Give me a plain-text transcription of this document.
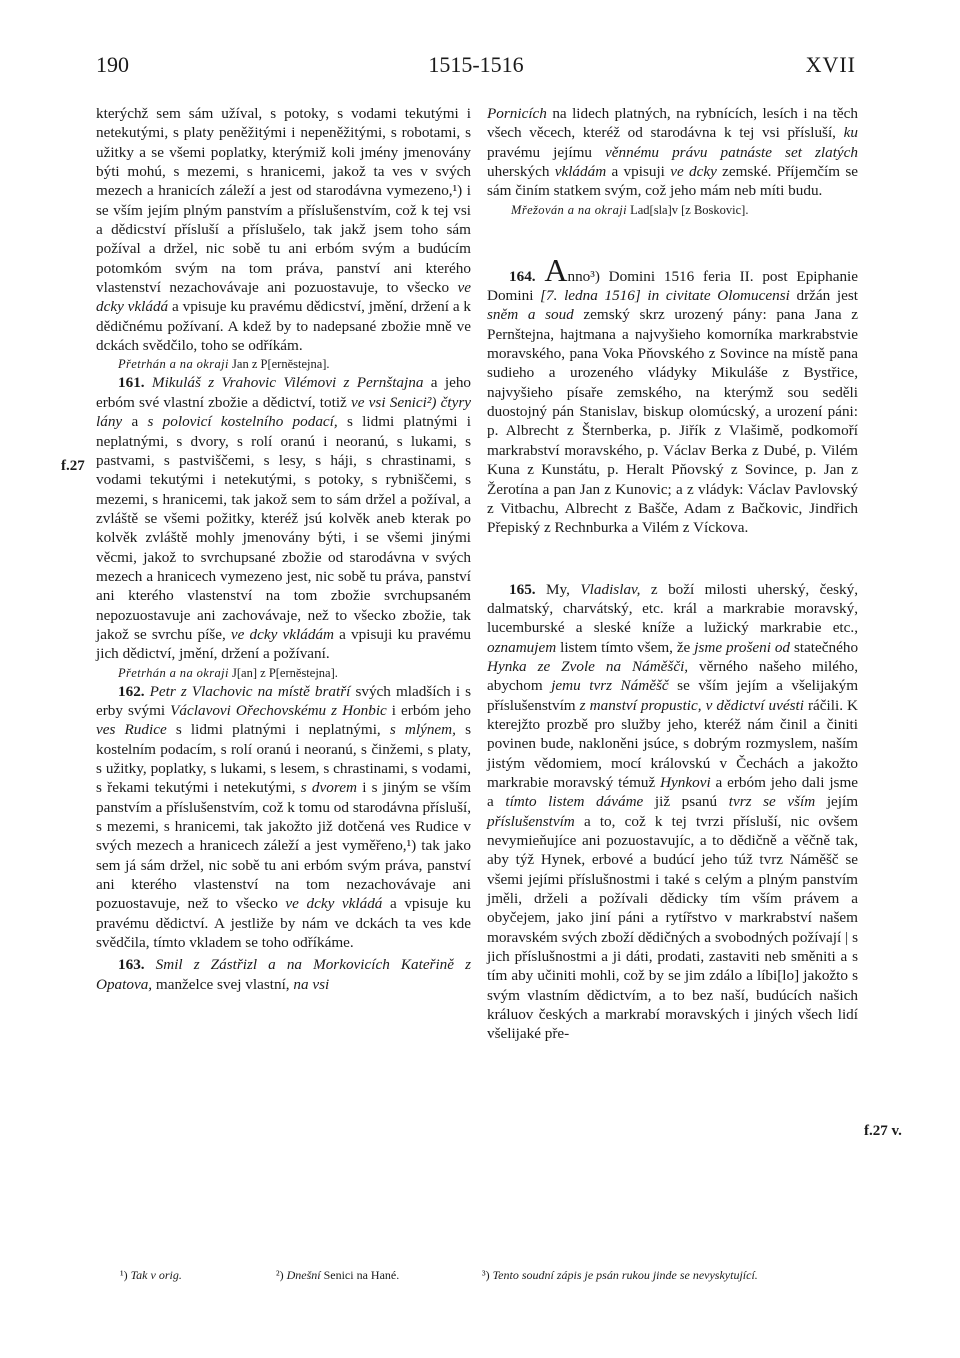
190	1515-1516	XVII
f.27
f.27 v.

kterýchž sem sám užíval, s potoky, s vodami tekutými i netekutými, s platy peněžitými i nepeněžitými, s robotami, s užitky a se všemi poplatky, kterýmiž koli jmény jmenovány býti mohú, s mezemi, s hranicemi, jakož ta ves v svých mezech a hranicích záleží a jest od starodávna vymezeno,¹) i se vším jejím plným panstvím a příslušenstvím, což k tej vsi a dědicství přísluší a příslušelo, tak jakž jsem toho sám požíval a držel, nic sobě tu ani erbóm svým a budúcím potomkóm svým na tom práva, panství ani kterého vlastenství nezachovávaje ani pozuostavuje, to všecko ve dcky vkládá a vpisuje ku pravému dědicství, jmění, držení a k dědičnému požívaní. A kdež by to nadepsané zbožie mně ve dckách svědčilo, toho se odříkám.

Přetrhán a na okraji Jan z P[erněstejna].

161. Mikuláš z Vrahovic Vilémovi z Pernštajna a jeho erbóm své vlastní zbožie a dědictví, totiž ve vsi Senici²) čtyry lány a s polovicí kostelního podací, s lidmi platnými i neplatnými, s dvory, s rolí oranú i neoranú, s lukami, s pastvami, s pastviščemi, s lesy, s háji, s chrastinami, s vodami tekutými i netekutými, s potoky, s rybniščemi, s mezemi, s hranicemi, tak jakož sem to sám držel a požíval, a zvláště se všemi požitky, kteréž jsú kolvěk aneb kterak po kolvěk zvláště mohly jmenovány býti, i se všemi jinými věcmi, jakož to svrchupsané zbožie od starodávna v svých mezech a hranicech vymezeno jest, nic sobě tu práva, panství ani kterého vlastenství na tom zbožie svrchupsaném nepozuostavuje ani zachovávaje, než to všecko zbožie, tak jakož se svrchu píše, ve dcky vkládám a vpisuji ku pravému jich dědictví, jmění, držení a požívaní.

Přetrhán a na okraji J[an] z P[erněstejna].

162. Petr z Vlachovic na místě bratří svých mladších i s erby svými Václavovi Ořechovskému z Honbic i erbóm jeho ves Rudice s lidmi platnými i neplatnými, s mlýnem, s kostelním podacím, s rolí oranú i neoranú, s činžemi, s platy, s užitky, poplatky, s lukami, s lesem, s chrastinami, s vodami, s řekami tekutými i netekutými, s dvorem i s jiným se vším panstvím a příslušenstvím, což k tomu od starodávna přísluší, s mezemi, s hranicemi, tak jakožto již dotčená ves Rudice v svých mezech a hranicech záleží a jest vyměřeno,¹) tak jako sem já sám držel, nic sobě tu ani erbóm svým práva, panství ani kterého vlastenství na tom nezachovávaje ani pozuostavuje, než to všecko ve dcky vkládá a vpisuje ku pravému dědictví. A jestliže by nám ve dckách ta ves kde svědčila, tímto vkladem se toho odříkáme.

163. Smil z Zástřizl a na Morkovicích Kateřině z Opatova, manželce svej vlastní, na vsi

Pornicích na lidech platných, na rybnících, lesích i na těch všech věcech, kteréž od starodávna k tej vsi přísluší, ku pravému jejímu věnnému právu patnáste set zlatých uherských vkládám a vpisuji ve dcky zemské. Příjemčím se sám činím statkem svým, což jeho mám neb míti budu.

Mřežován a na okraji Lad[sla]v [z Boskovic].

164. Anno³) Domini 1516 feria II. post Epiphanie Domini [7. ledna 1516] in civitate Olomucensi držán jest sněm a soud zemský skrz urozený pány: pana Jana z Pernštejna, hajtmana a najvyšieho komorníka markrabstvie moravského, pana Voka Pňovského z Sovince na místě pana sudieho a urozeného vládyky Mikuláše z Bystřice, najvyšieho písaře zemského, na kterýmž sou seděli duostojný pán Stanislav, biskup olomúcský, a urození páni: p. Albrecht z Šternberka, p. Jiřík z Vlašimě, podkomoří markrabství moravského, p. Václav Berka z Dubé, p. Vilém Kuna z Kunstátu, p. Heralt Pňovský z Sovince, p. Jan z Žerotína a pan Jan z Kunovic; a z vládyk: Václav Pavlovský z Vitbachu, Albrecht z Bašče, Adam z Bačkovic, Jindřich Přepiský z Rechnburka a Vilém z Víckova.

165. My, Vladislav, z boží milosti uherský, český, dalmatský, charvátský, etc. král a markrabie moravský, lucemburské a sleské kníže a lužický markrabie etc., oznamujem listem tímto všem, že jsme prošeni od statečného Hynka ze Zvole na Náměšči, věrného našeho milého, abychom jemu tvrz Náměšč se vším jejím a všelijakým příslušenstvím z manství propustic, v dědictví uvésti ráčili. K kterejžto prozbě pro služby jeho, kteréž nám činil a činiti povinen bude, nakloněni jsúce, s dobrým rozmyslem, naším jistým vědomiem, mocí královskú v Čechách a jakožto markrabie moravský témuž Hynkovi a erbóm jeho dali jsme a tímto listem dáváme již psanú tvrz se vším jejím příslušenstvím a to, což k tej tvrzi přísluší, nic ovšem nevymieňujíce ani pozuostavujíc, a to dědičně a věčně tak, aby týž Hynek, erbové a budúcí jeho túž tvrz Náměšč se všemi jejími příslušnostmi i také s celým a plným panstvím jměli, drželi a požívali dědicky tím vším právem a obyčejem, jako jiní páni a rytířstvo v markrabství našem moravském svých zboží dědičných a svobodných požívají | s jich příslušnostmi a ji dáti, prodati, zastaviti neb směniti a s tím aby učiniti mohli, což by se jim zdálo a líbi[lo] jakožto s svým vlastním dědictvím, a to bez naší, budúcích našich králuov českých a markrabí moravských i jiných všech lidí všelijaké pře-

¹) Tak v orig.	²) Dnešní Senici na Hané.	³) Tento soudní zápis je psán rukou jinde se nevyskytující.
